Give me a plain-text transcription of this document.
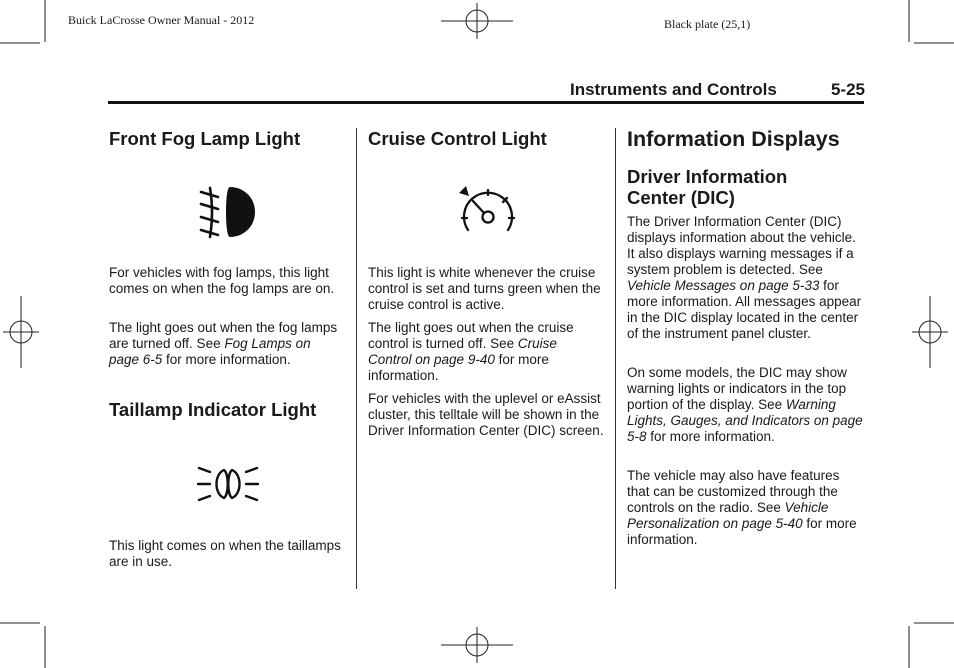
Buick LaCrosse Owner Manual - 2012	Black plate (25,1)
Instruments and Controls	5-25
Front Fog Lamp Light

For vehicles with fog lamps, this light comes on when the fog lamps are on.

The light goes out when the fog lamps are turned off. See Fog Lamps on page 6-5 for more information.

Taillamp Indicator Light

This light comes on when the taillamps are in use.

Cruise Control Light

This light is white whenever the cruise control is set and turns green when the cruise control is active.

The light goes out when the cruise control is turned off. See Cruise Control on page 9-40 for more information.

For vehicles with the uplevel or eAssist cluster, this telltale will be shown in the Driver Information Center (DIC) screen.

Information Displays
Driver Information Center (DIC)

The Driver Information Center (DIC) displays information about the vehicle. It also displays warning messages if a system problem is detected. See Vehicle Messages on page 5-33 for more information. All messages appear in the DIC display located in the center of the instrument panel cluster.

On some models, the DIC may show warning lights or indicators in the top portion of the display. See Warning Lights, Gauges, and Indicators on page 5-8 for more information.

The vehicle may also have features that can be customized through the controls on the radio. See Vehicle Personalization on page 5-40 for more information.
